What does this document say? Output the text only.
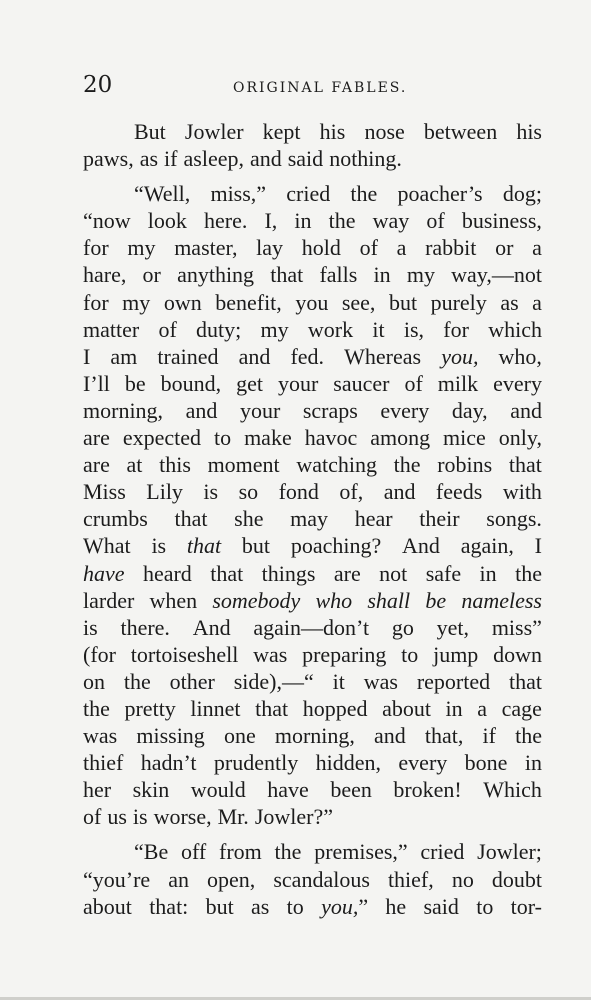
20	ORIGINAL FABLES.
But Jowler kept his nose between his
paws, as if asleep, and said nothing.
“Well, miss,” cried the poacher’s dog;
“now look here. I, in the way of business,
for my master, lay hold of a rabbit or a
hare, or anything that falls in my way,—not
for my own benefit, you see, but purely as a
matter of duty; my work it is, for which
I am trained and fed. Whereas you, who,
I’ll be bound, get your saucer of milk every
morning, and your scraps every day, and
are expected to make havoc among mice only,
are at this moment watching the robins that
Miss Lily is so fond of, and feeds with
crumbs that she may hear their songs.
What is that but poaching? And again, I
have heard that things are not safe in the
larder when somebody who shall be nameless
is there. And again—don’t go yet, miss”
(for tortoiseshell was preparing to jump down
on the other side),—“ it was reported that
the pretty linnet that hopped about in a cage
was missing one morning, and that, if the
thief hadn’t prudently hidden, every bone in
her skin would have been broken! Which
of us is worse, Mr. Jowler?”
“Be off from the premises,” cried Jowler;
“you’re an open, scandalous thief, no doubt
about that: but as to you,” he said to tor-
